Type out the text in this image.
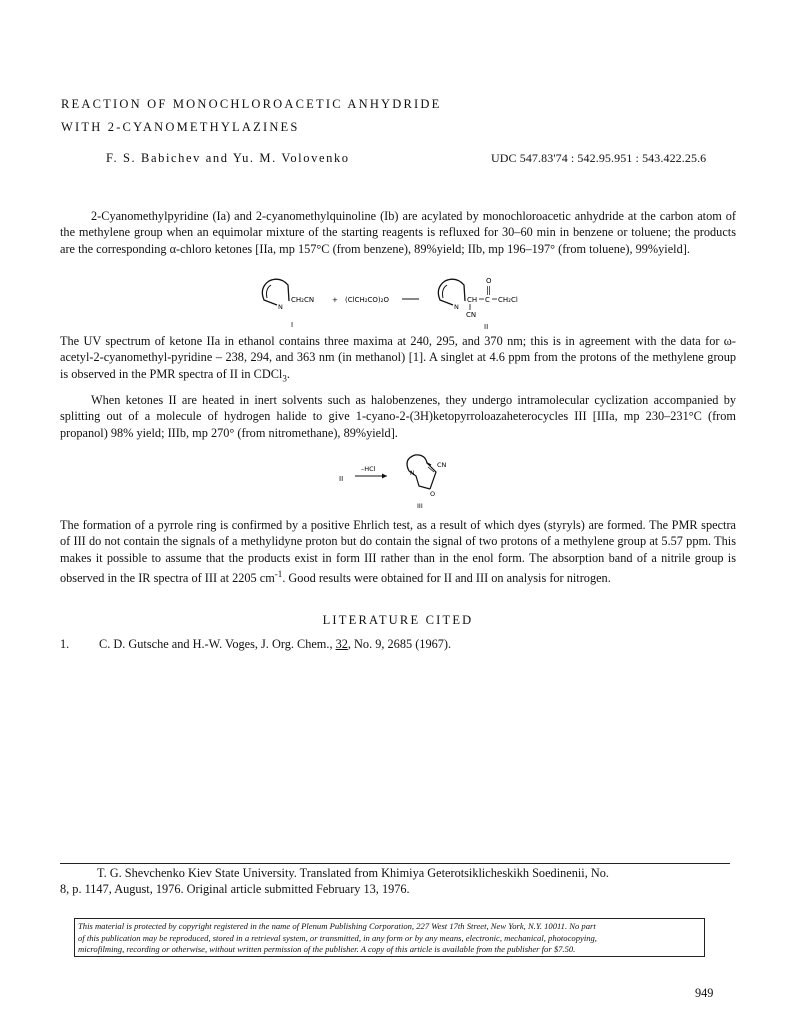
REACTION OF MONOCHLOROACETIC ANHYDRIDE
WITH 2-CYANOMETHYLAZINES
F. S. Babichev and Yu. M. Volovenko	UDC 547.83'74 : 542.95.951 : 543.422.25.6

2-Cyanomethylpyridine (Ia) and 2-cyanomethylquinoline (Ib) are acylated by monochloroacetic anhydride at the carbon atom of the methylene group when an equimolar mixture of the starting reagents is refluxed for 30–60 min in benzene or toluene; the products are the corresponding α-chloro ketones [IIa, mp 157°C (from benzene), 89%yield; IIb, mp 196–197° (from toluene), 99%yield].

N
CH₂CN	+ (ClCH₂CO)₂O
N
CH C
O
CH₂Cl
CN
I	II

The UV spectrum of ketone IIa in ethanol contains three maxima at 240, 295, and 370 nm; this is in agreement with the data for ω-acetyl-2-cyanomethyl-pyridine – 238, 294, and 363 nm (in methanol) [1]. A singlet at 4.6 ppm from the protons of the methylene group is observed in the PMR spectra of II in CDCl$_3$.

When ketones II are heated in inert solvents such as halobenzenes, they undergo intramolecular cyclization accompanied by splitting out of a molecule of hydrogen halide to give 1-cyano-2-(3H)ketopyrroloazaheterocycles III [IIIa, mp 230–231°C (from propanol) 98% yield; IIIb, mp 270° (from nitromethane), 89%yield].

II
–HCl
N
CN
O
III

The formation of a pyrrole ring is confirmed by a positive Ehrlich test, as a result of which dyes (styryls) are formed. The PMR spectra of III do not contain the signals of a methylidyne proton but do contain the signal of two protons of a methylene group at 5.57 ppm. This makes it possible to assume that the products exist in form III rather than in the enol form. The absorption band of a nitrile group is observed in the IR spectra of III at 2205 $cm^{-1}$. Good results were obtained for II and III on analysis for nitrogen.

LITERATURE CITED
1. C. D. Gutsche and H.-W. Voges, J. Org. Chem., 32, No. 9, 2685 (1967).
T. G. Shevchenko Kiev State University. Translated from Khimiya Geterotsiklicheskikh Soedinenii, No.
8, p. 1147, August, 1976. Original article submitted February 13, 1976.
This material is protected by copyright registered in the name of Plenum Publishing Corporation, 227 West 17th Street, New York, N.Y. 10011. No part
of this publication may be reproduced, stored in a retrieval system, or transmitted, in any form or by any means, electronic, mechanical, photocopying,
microfilming, recording or otherwise, without written permission of the publisher. A copy of this article is available from the publisher for $7.50.
949
